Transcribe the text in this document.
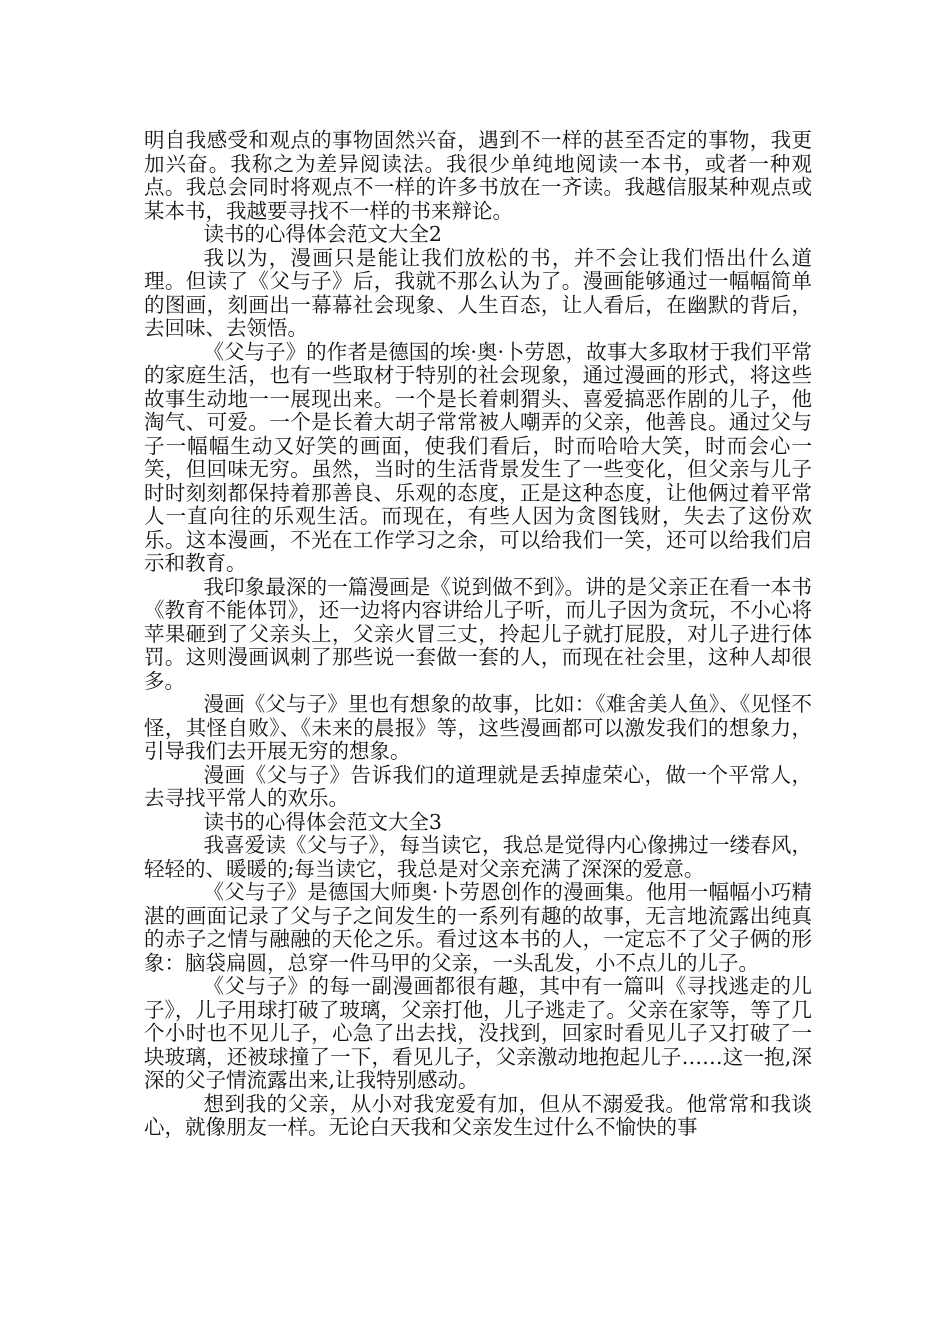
明自我感受和观点的事物固然兴奋，遇到不一样的甚至否定的事物，我更加兴奋。我称之为差异阅读法。我很少单纯地阅读一本书，或者一种观点。我总会同时将观点不一样的许多书放在一齐读。我越信服某种观点或某本书，我越要寻找不一样的书来辩论。

读书的心得体会范文大全2

我以为，漫画只是能让我们放松的书，并不会让我们悟出什么道理。但读了《父与子》后，我就不那么认为了。漫画能够通过一幅幅简单的图画，刻画出一幕幕社会现象、人生百态，让人看后，在幽默的背后，去回味、去领悟。

《父与子》的作者是德国的埃·奥·卜劳恩，故事大多取材于我们平常的家庭生活，也有一些取材于特别的社会现象，通过漫画的形式，将这些故事生动地一一展现出来。一个是长着刺猬头、喜爱搞恶作剧的儿子，他淘气、可爱。一个是长着大胡子常常被人嘲弄的父亲，他善良。通过父与子一幅幅生动又好笑的画面，使我们看后，时而哈哈大笑，时而会心一笑，但回味无穷。虽然，当时的生活背景发生了一些变化，但父亲与儿子时时刻刻都保持着那善良、乐观的态度，正是这种态度，让他俩过着平常人一直向往的乐观生活。而现在，有些人因为贪图钱财，失去了这份欢乐。这本漫画，不光在工作学习之余，可以给我们一笑，还可以给我们启示和教育。

我印象最深的一篇漫画是《说到做不到》。讲的是父亲正在看一本书《教育不能体罚》，还一边将内容讲给儿子听，而儿子因为贪玩，不小心将苹果砸到了父亲头上，父亲火冒三丈，拎起儿子就打屁股，对儿子进行体罚。这则漫画讽刺了那些说一套做一套的人，而现在社会里，这种人却很多。

漫画《父与子》里也有想象的故事，比如：《难舍美人鱼》、《见怪不怪，其怪自败》、《未来的晨报》等，这些漫画都可以激发我们的想象力，引导我们去开展无穷的想象。

漫画《父与子》告诉我们的道理就是丢掉虚荣心，做一个平常人，去寻找平常人的欢乐。

读书的心得体会范文大全3

我喜爱读《父与子》，每当读它，我总是觉得内心像拂过一缕春风，轻轻的、暖暖的;每当读它，我总是对父亲充满了深深的爱意。

《父与子》是德国大师奥·卜劳恩创作的漫画集。他用一幅幅小巧精湛的画面记录了父与子之间发生的一系列有趣的故事，无言地流露出纯真的赤子之情与融融的天伦之乐。看过这本书的人，一定忘不了父子俩的形象：脑袋扁圆，总穿一件马甲的父亲，一头乱发，小不点儿的儿子。

《父与子》的每一副漫画都很有趣，其中有一篇叫《寻找逃走的儿子》，儿子用球打破了玻璃，父亲打他，儿子逃走了。父亲在家等，等了几个小时也不见儿子，心急了出去找，没找到，回家时看见儿子又打破了一块玻璃，还被球撞了一下，看见儿子，父亲激动地抱起儿子……这一抱,深深的父子情流露出来,让我特别感动。

想到我的父亲，从小对我宠爱有加，但从不溺爱我。他常常和我谈心，就像朋友一样。无论白天我和父亲发生过什么不愉快的事
